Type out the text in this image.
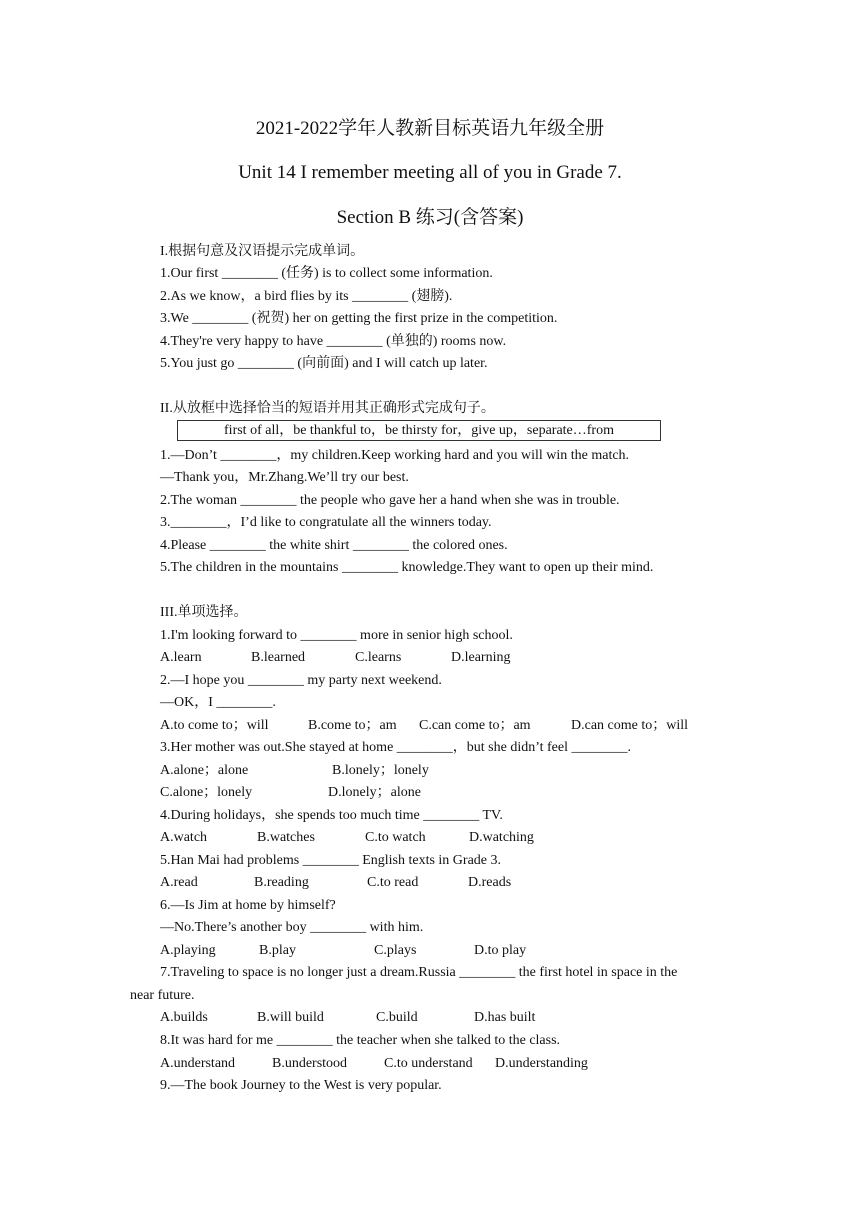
2021-2022学年人教新目标英语九年级全册
Unit 14 I remember meeting all of you in Grade 7.
Section B 练习(含答案)
I.根据句意及汉语提示完成单词。
1.Our first ________ (任务) is to collect some information.
2.As we know，a bird flies by its ________ (翅膀).
3.We ________ (祝贺) her on getting the first prize in the competition.
4.They're very happy to have ________ (单独的) rooms now.
5.You just go ________ (向前面) and I will catch up later.
II.从放框中选择恰当的短语并用其正确形式完成句子。
first of all，be thankful to，be thirsty for，give up，separate…from
1.—Don’t ________，my children.Keep working hard and you will win the match.
—Thank you，Mr.Zhang.We’ll try our best.
2.The woman ________ the people who gave her a hand when she was in trouble.
3.________，I’d like to congratulate all the winners today.
4.Please ________ the white shirt ________ the colored ones.
5.The children in the mountains ________ knowledge.They want to open up their mind.
III.单项选择。
1.I'm looking forward to ________ more in senior high school.
A.learn	B.learned	C.learns	D.learning
2.—I hope you ________ my party next weekend.
—OK，I ________.
A.to come to；will	B.come to；am C.can come to；am	D.can come to；will
3.Her mother was out.She stayed at home ________，but she didn’t feel ________.
A.alone；alone	B.lonely；lonely
C.alone；lonely	D.lonely；alone
4.During holidays，she spends too much time ________ TV.
A.watch	B.watches	C.to watch	D.watching
5.Han Mai had problems ________ English texts in Grade 3.
A.read	B.reading	C.to read	D.reads
6.—Is Jim at home by himself?
—No.There’s another boy ________ with him.
A.playing	B.play	C.plays	D.to play
7.Traveling to space is no longer just a dream.Russia ________ the first hotel in space in the
near future.
A.builds	B.will build	C.build	D.has built
8.It was hard for me ________ the teacher when she talked to the class.
A.understand	B.understood	C.to understand D.understanding
9.—The book Journey to the West is very popular.
